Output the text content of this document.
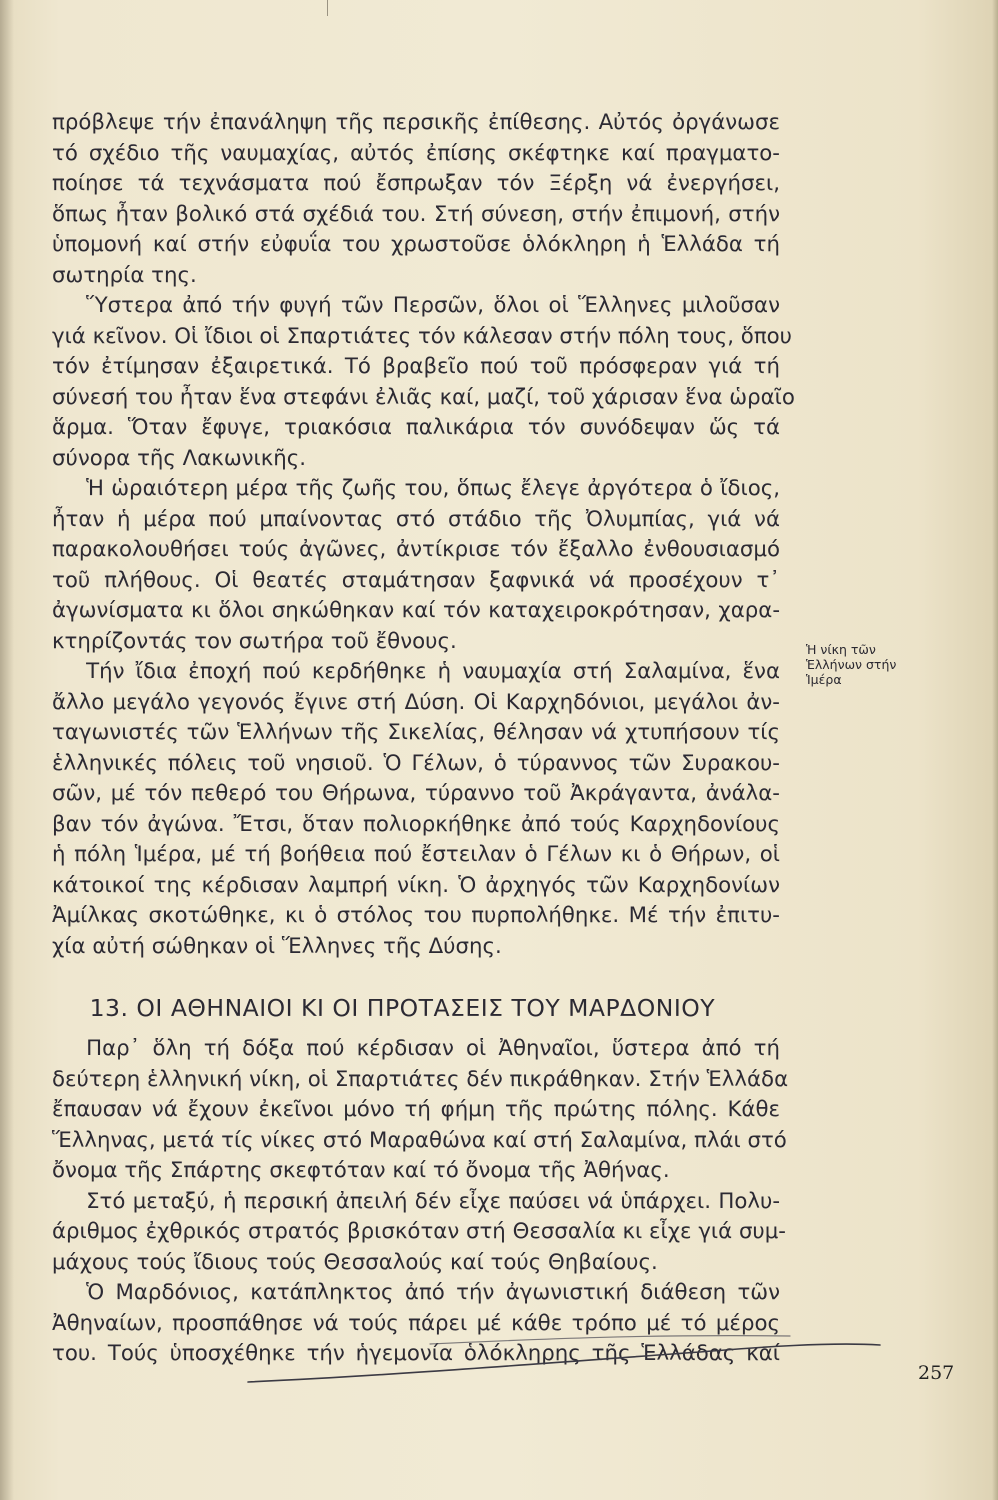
πρόβλεψε τήν ἐπανάληψη τῆς περσικῆς ἐπίθεσης. Αὐτός ὀργάνωσε
τό σχέδιο τῆς ναυμαχίας, αὐτός ἐπίσης σκέφτηκε καί πραγματο-
ποίησε τά τεχνάσματα πού ἔσπρωξαν τόν Ξέρξη νά ἐνεργήσει,
ὅπως ἦταν βολικό στά σχέδιά του. Στή σύνεση, στήν ἐπιμονή, στήν
ὑπομονή καί στήν εὐφυΐα του χρωστοῦσε ὁλόκληρη ἡ Ἑλλάδα τή
σωτηρία της.

Ὕστερα ἀπό τήν φυγή τῶν Περσῶν, ὅλοι οἱ Ἕλληνες μιλοῦσαν
γιά κεῖνον. Οἱ ἴδιοι οἱ Σπαρτιάτες τόν κάλεσαν στήν πόλη τους, ὅπου
τόν ἐτίμησαν ἐξαιρετικά. Τό βραβεῖο πού τοῦ πρόσφεραν γιά τή
σύνεσή του ἦταν ἕνα στεφάνι ἐλιᾶς καί, μαζί, τοῦ χάρισαν ἕνα ὡραῖο
ἅρμα. Ὅταν ἔφυγε, τριακόσια παλικάρια τόν συνόδεψαν ὥς τά
σύνορα τῆς Λακωνικῆς.

Ἡ ὡραιότερη μέρα τῆς ζωῆς του, ὅπως ἔλεγε ἀργότερα ὁ ἴδιος,
ἦταν ἡ μέρα πού μπαίνοντας στό στάδιο τῆς Ὀλυμπίας, γιά νά
παρακολουθήσει τούς ἀγῶνες, ἀντίκρισε τόν ἔξαλλο ἐνθουσιασμό
τοῦ πλήθους. Οἱ θεατές σταμάτησαν ξαφνικά νά προσέχουν τ᾽
ἀγωνίσματα κι ὅλοι σηκώθηκαν καί τόν καταχειροκρότησαν, χαρα-
κτηρίζοντάς τον σωτήρα τοῦ ἔθνους.

Τήν ἴδια ἐποχή πού κερδήθηκε ἡ ναυμαχία στή Σαλαμίνα, ἕνα
ἄλλο μεγάλο γεγονός ἔγινε στή Δύση. Οἱ Καρχηδόνιοι, μεγάλοι ἀν-
ταγωνιστές τῶν Ἑλλήνων τῆς Σικελίας, θέλησαν νά χτυπήσουν τίς
ἑλληνικές πόλεις τοῦ νησιοῦ. Ὁ Γέλων, ὁ τύραννος τῶν Συρακου-
σῶν, μέ τόν πεθερό του Θήρωνα, τύραννο τοῦ Ἀκράγαντα, ἀνάλα-
βαν τόν ἀγώνα. Ἔτσι, ὅταν πολιορκήθηκε ἀπό τούς Καρχηδονίους
ἡ πόλη Ἱμέρα, μέ τή βοήθεια πού ἔστειλαν ὁ Γέλων κι ὁ Θήρων, οἱ
κάτοικοί της κέρδισαν λαμπρή νίκη. Ὁ ἀρχηγός τῶν Καρχηδονίων
Ἀμίλκας σκοτώθηκε, κι ὁ στόλος του πυρπολήθηκε. Μέ τήν ἐπιτυ-
χία αὐτή σώθηκαν οἱ Ἕλληνες τῆς Δύσης.

13. ΟΙ ΑΘΗΝΑΙΟΙ ΚΙ ΟΙ ΠΡΟΤΑΣΕΙΣ ΤΟΥ ΜΑΡΔΟΝΙΟΥ

Παρ᾽ ὅλη τή δόξα πού κέρδισαν οἱ Ἀθηναῖοι, ὕστερα ἀπό τή
δεύτερη ἑλληνική νίκη, οἱ Σπαρτιάτες δέν πικράθηκαν. Στήν Ἑλλάδα
ἔπαυσαν νά ἔχουν ἐκεῖνοι μόνο τή φήμη τῆς πρώτης πόλης. Κάθε
Ἕλληνας, μετά τίς νίκες στό Μαραθώνα καί στή Σαλαμίνα, πλάι στό
ὄνομα τῆς Σπάρτης σκεφτόταν καί τό ὄνομα τῆς Ἀθήνας.

Στό μεταξύ, ἡ περσική ἀπειλή δέν εἶχε παύσει νά ὑπάρχει. Πολυ-
άριθμος ἐχθρικός στρατός βρισκόταν στή Θεσσαλία κι εἶχε γιά συμ-
μάχους τούς ἴδιους τούς Θεσσαλούς καί τούς Θηβαίους.

Ὁ Μαρδόνιος, κατάπληκτος ἀπό τήν ἀγωνιστική διάθεση τῶν
Ἀθηναίων, προσπάθησε νά τούς πάρει μέ κάθε τρόπο μέ τό μέρος
του. Τούς ὑποσχέθηκε τήν ἡγεμονία ὁλόκληρης τῆς Ἑλλάδας καί

Ἡ νίκη τῶν
Ἑλλήνων στήν
Ἱμέρα
257
